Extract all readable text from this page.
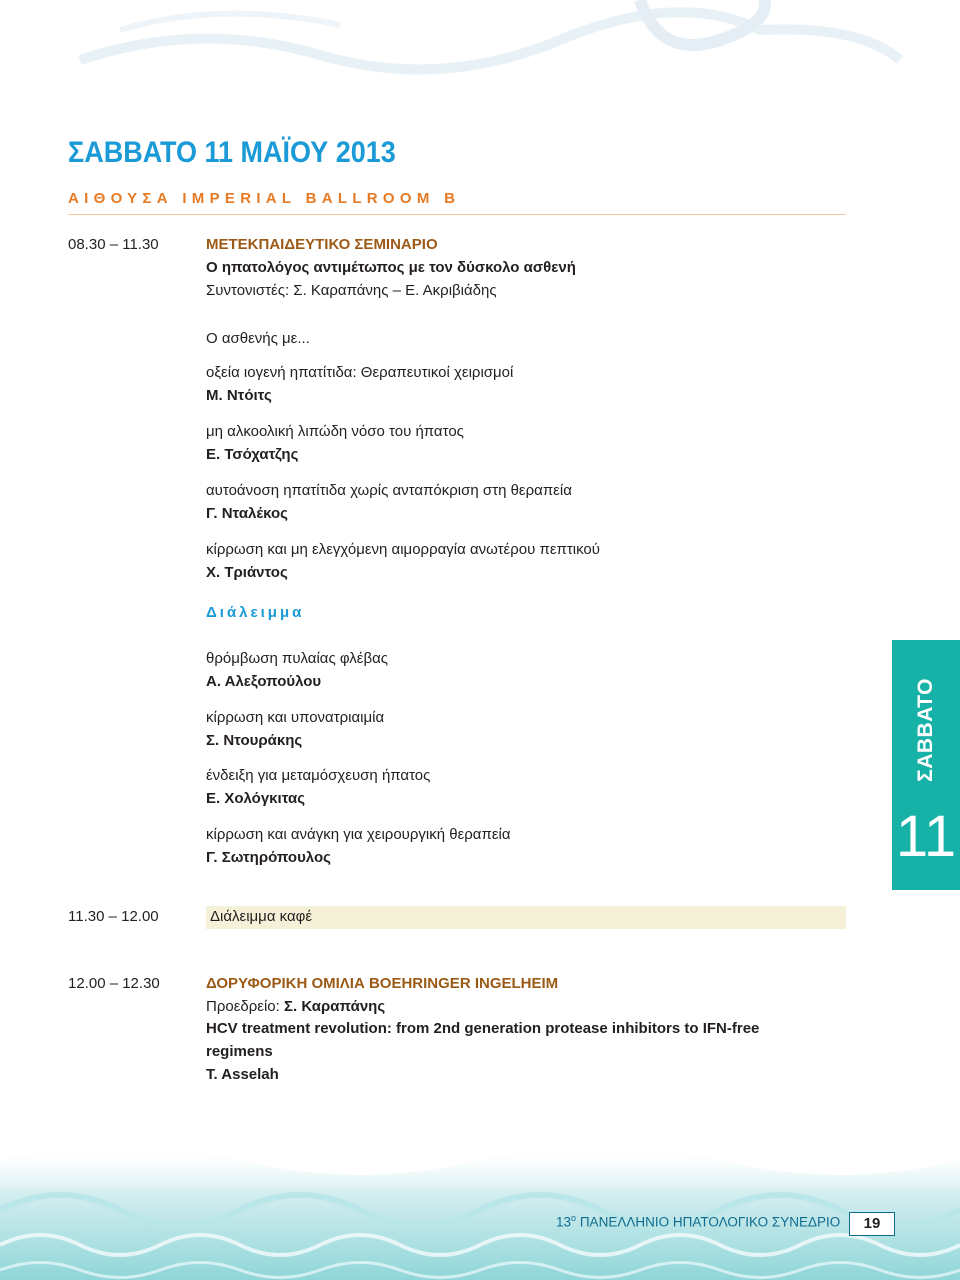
ΣΑΒΒΑΤΟ 11 ΜΑΪΟΥ 2013
ΑΙΘΟΥΣΑ IMPERIAL BALLROOM B
08.30 – 11.30	ΜΕΤΕΚΠΑΙΔΕΥΤΙΚΟ ΣΕΜΙΝΑΡΙΟ
Ο ηπατολόγος αντιμέτωπος με τον δύσκολο ασθενή
Συντονιστές: Σ. Καραπάνης – Ε. Ακριβιάδης
Ο ασθενής με...
οξεία ιογενή ηπατίτιδα: Θεραπευτικοί χειρισμοί
Μ. Ντόιτς
μη αλκοολική λιπώδη νόσο του ήπατος
Ε. Τσόχατζης
αυτοάνοση ηπατίτιδα χωρίς ανταπόκριση στη θεραπεία
Γ. Νταλέκος
κίρρωση και μη ελεγχόμενη αιμορραγία ανωτέρου πεπτικού
Χ. Τριάντος
Διάλειμμα
θρόμβωση πυλαίας φλέβας
Α. Αλεξοπούλου
κίρρωση και υπονατριαιμία
Σ. Ντουράκης
ένδειξη για μεταμόσχευση ήπατος
Ε. Χολόγκιτας
κίρρωση και ανάγκη για χειρουργική θεραπεία
Γ. Σωτηρόπουλος
ΣΑΒΒΑΤΟ
11
11.30 – 12.00	Διάλειμμα καφέ
12.00 – 12.30	ΔΟΡΥΦΟΡΙΚΗ ΟΜΙΛΙΑ BOEHRINGER INGELHEIM
Προεδρείο: Σ. Καραπάνης
HCV treatment revolution: from 2nd generation protease inhibitors to IFN-free
regimens
T. Asselah
$13^o$ ΠΑΝΕΛΛΗΝΙΟ ΗΠΑΤΟΛΟΓΙΚΟ ΣΥΝΕΔΡΙΟ	19
